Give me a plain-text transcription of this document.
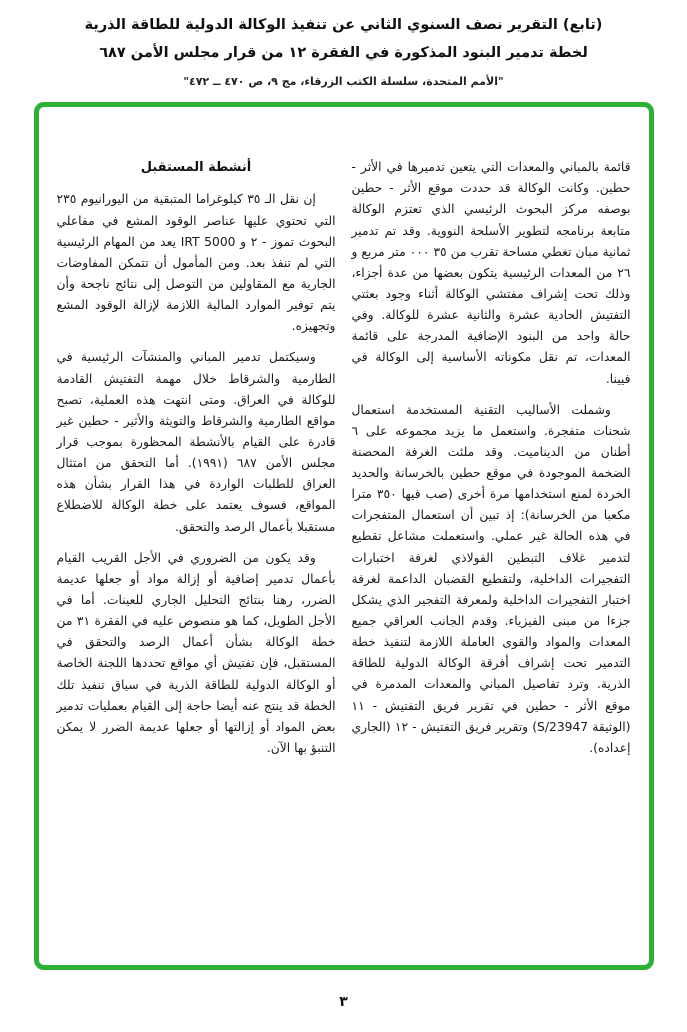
(تابع) التقرير نصف السنوي الثاني عن تنفيذ الوكالة الدولية للطاقة الذرية
لخطة تدمير البنود المذكورة في الفقرة ١٢ من قرار مجلس الأمن ٦٨٧
"الأمم المتحدة، سلسلة الكتب الزرقاء، مج ٩، ص ٤٧٠ ــ ٤٧٢"

قائمة بالمباني والمعدات التي يتعين تدميرها في الأثر - حطين. وكانت الوكالة قد حددت موقع الأثر - حطين بوصفه مركز البحوث الرئيسي الذي تعتزم الوكالة متابعة برنامجه لتطوير الأسلحة النووية. وقد تم تدمير ثمانية مبان تغطي مساحة تقرب من ٣٥ ٠٠٠ متر مربع و ٢٦ من المعدات الرئيسية يتكون بعضها من عدة أجزاء، وذلك تحت إشراف مفتشي الوكالة أثناء وجود بعثتي التفتيش الحادية عشرة والثانية عشرة للوكالة. وفي حالة واحد من البنود الإضافية المدرجة على قائمة المعدات، تم نقل مكوناته الأساسية إلى الوكالة في فيينا.

وشملت الأساليب التقنية المستخدمة استعمال شحنات متفجرة. واستعمل ما يزيد مجموعه على ٦ أطنان من الديناميت. وقد ملئت الغرفة المحصنة الضخمة الموجودة في موقع حطين بالخرسانة والحديد الخردة لمنع استخدامها مرة أخرى (صب فيها ٣٥٠ مترا مكعبا من الخرسانة): إذ تبين أن استعمال المتفجرات في هذه الحالة غير عملي. واستعملت مشاعل تقطيع لتدمير غلاف التبطين الفولاذي لغرفة اختبارات التفجيرات الداخلية، ولتقطيع القضبان الداعمة لغرفة اختبار التفجيرات الداخلية ولمعرفة التفجير الذي يشكل جزءا من مبنى الفيزياء. وقدم الجانب العراقي جميع المعدات والمواد والقوى العاملة اللازمة لتنفيذ خطة التدمير تحت إشراف أفرقة الوكالة الدولية للطاقة الذرية. وترد تفاصيل المباني والمعدات المدمرة في موقع الأثر - حطين في تقرير فريق التفتيش - ١١ (الوثيقة S/23947) وتقرير فريق التفتيش - ١٢ (الجاري إعداده).

أنشطة المستقبل

إن نقل الـ ٣٥ كيلوغراما المتبقية من اليورانيوم ٢٣٥ التي تحتوي عليها عناصر الوقود المشع في مفاعلي البحوث تموز - ٢ و IRT 5000 يعد من المهام الرئيسية التي لم تنفذ بعد. ومن المأمول أن تتمكن المفاوضات الجارية مع المقاولين من التوصل إلى نتائج ناجحة وأن يتم توفير الموارد المالية اللازمة لإزالة الوقود المشع وتجهيزه.

وسيكتمل تدمير المباني والمنشآت الرئيسية في الطارمية والشرقاط خلال مهمة التفتيش القادمة للوكالة في العراق. ومتى انتهت هذه العملية، تصبح مواقع الطارمية والشرقاط والتويثة والأثير - حطين غير قادرة على القيام بالأنشطة المحظورة بموجب قرار مجلس الأمن ٦٨٧ (١٩٩١). أما التحقق من امتثال العراق للطلبات الواردة في هذا القرار بشأن هذه المواقع، فسوف يعتمد على خطة الوكالة للاضطلاع مستقبلا بأعمال الرصد والتحقق.

وقد يكون من الضروري في الأجل القريب القيام بأعمال تدمير إضافية أو إزالة مواد أو جعلها عديمة الضرر، رهنا بنتائج التحليل الجاري للعينات. أما في الأجل الطويل، كما هو منصوص عليه في الفقرة ٣١ من خطة الوكالة بشأن أعمال الرصد والتحقق في المستقبل، فإن تفتيش أي مواقع تحددها اللجنة الخاصة أو الوكالة الدولية للطاقة الذرية في سياق تنفيذ تلك الخطة قد ينتج عنه أيضا حاجة إلى القيام بعمليات تدمير بعض المواد أو إزالتها أو جعلها عديمة الضرر لا يمكن التنبؤ بها الآن.

٣
